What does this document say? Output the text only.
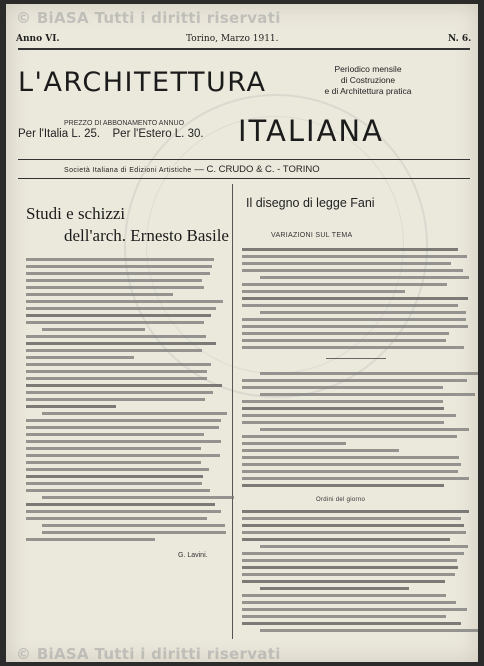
© BiASA Tutti i diritti riservati
Anno VI.	Torino, Marzo 1911.	N. 6.
L'ARCHITETTURA	Periodico mensile
di Costruzione
e di Architettura pratica
PREZZO DI ABBONAMENTO ANNUO
Per l'Italia L. 25. Per l'Estero L. 30. ITALIANA
Società Italiana di Edizioni Artistiche — C. CRUDO & C. - TORINO
Studi e schizzi
dell'arch. Ernesto Basile
G. Lavini.
Il disegno di legge Fani
VARIAZIONI SUL TEMA
Ordini del giorno
© BiASA Tutti i diritti riservati
